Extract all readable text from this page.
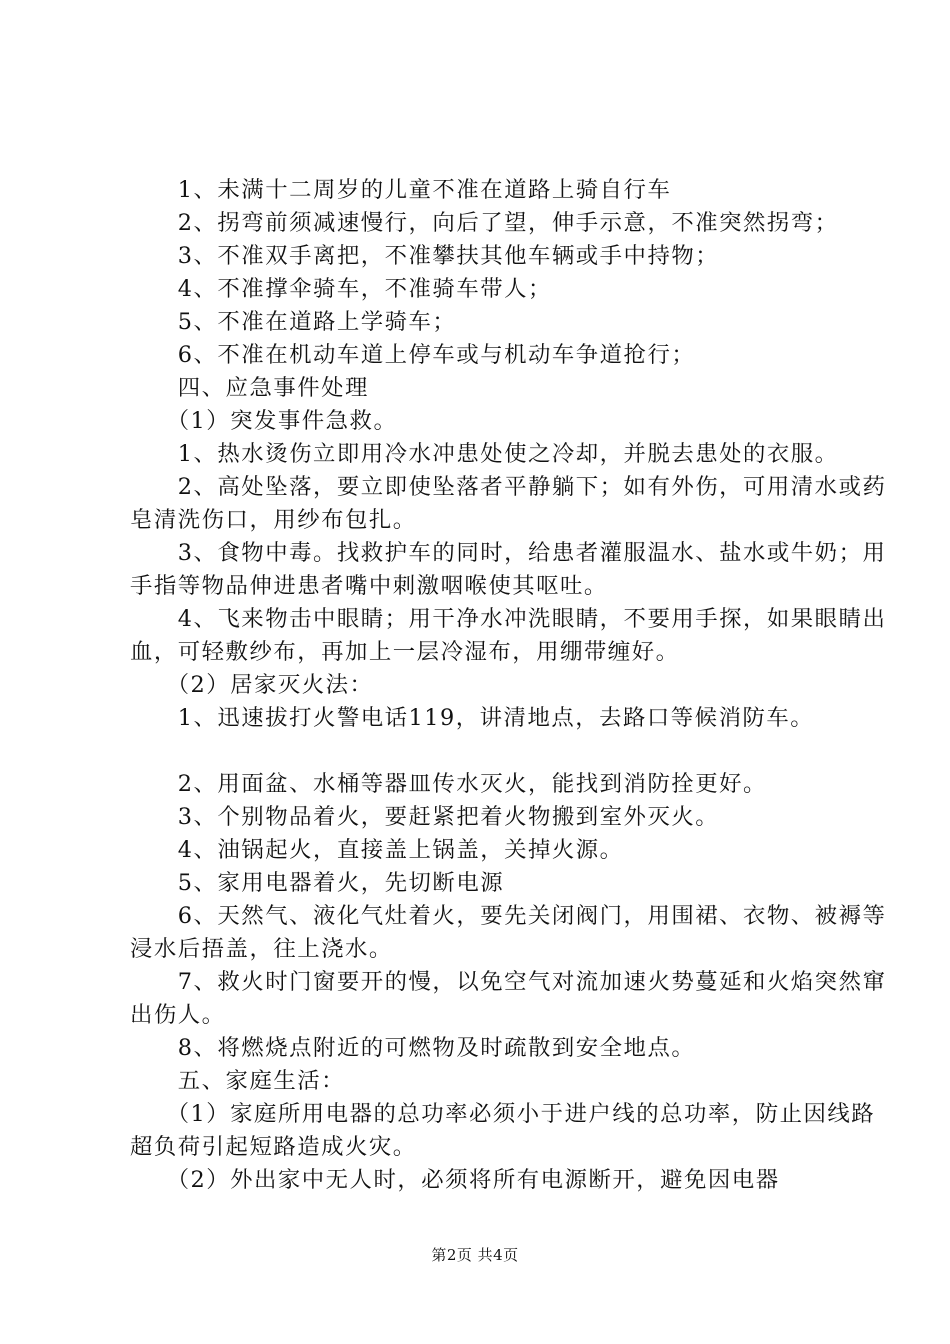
　　1、未满十二周岁的儿童不准在道路上骑自行车

　　2、拐弯前须减速慢行，向后了望，伸手示意，不准突然拐弯；

　　3、不准双手离把，不准攀扶其他车辆或手中持物；

　　4、不准撑伞骑车，不准骑车带人；

　　5、不准在道路上学骑车；

　　6、不准在机动车道上停车或与机动车争道抢行；

　　四、应急事件处理

　　（1）突发事件急救。

　　1、热水烫伤立即用冷水冲患处使之冷却，并脱去患处的衣服。

　　2、高处坠落，要立即使坠落者平静躺下；如有外伤，可用清水或药皂清洗伤口，用纱布包扎。

　　3、食物中毒。找救护车的同时，给患者灌服温水、盐水或牛奶；用手指等物品伸进患者嘴中刺激咽喉使其呕吐。

　　4、飞来物击中眼睛；用干净水冲洗眼睛，不要用手探，如果眼睛出血，可轻敷纱布，再加上一层冷湿布，用绷带缠好。

　　（2）居家灭火法：

　　1、迅速拔打火警电话119，讲清地点，去路口等候消防车。

　　2、用面盆、水桶等器皿传水灭火，能找到消防拴更好。

　　3、个别物品着火，要赶紧把着火物搬到室外灭火。

　　4、油锅起火，直接盖上锅盖，关掉火源。

　　5、家用电器着火，先切断电源

　　6、天然气、液化气灶着火，要先关闭阀门，用围裙、衣物、被褥等浸水后捂盖，往上浇水。

　　7、救火时门窗要开的慢，以免空气对流加速火势蔓延和火焰突然窜出伤人。

　　8、将燃烧点附近的可燃物及时疏散到安全地点。

　　五、家庭生活：

　　（1）家庭所用电器的总功率必须小于进户线的总功率，防止因线路超负荷引起短路造成火灾。

　　（2）外出家中无人时，必须将所有电源断开，避免因电器

第2页 共4页
